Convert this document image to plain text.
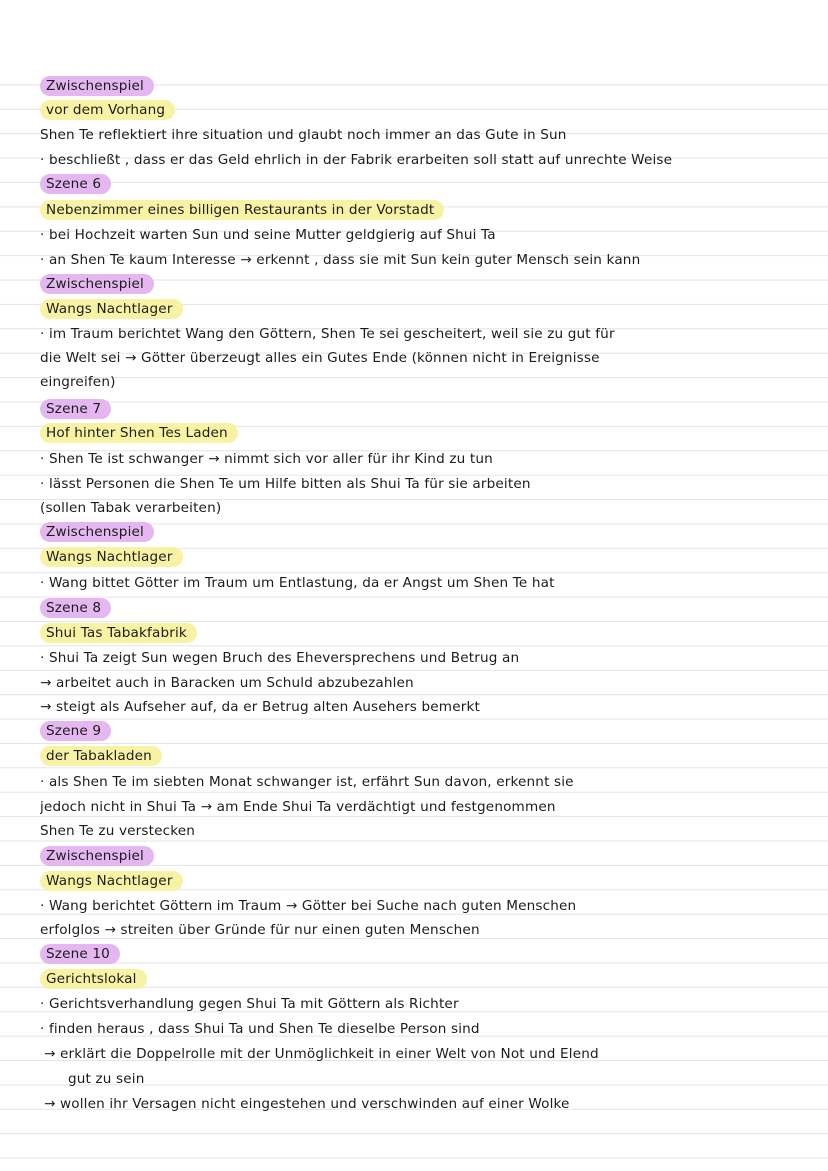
Zwischenspiel
vor dem Vorhang
Shen Te reflektiert ihre situation und glaubt noch immer an das Gute in Sun
· beschließt , dass er das Geld ehrlich in der Fabrik erarbeiten soll statt auf unrechte Weise
Szene 6
Nebenzimmer eines billigen Restaurants in der Vorstadt
· bei Hochzeit warten Sun und seine Mutter geldgierig auf Shui Ta
· an Shen Te kaum Interesse → erkennt , dass sie mit Sun kein guter Mensch sein kann
Zwischenspiel
Wangs Nachtlager
· im Traum berichtet Wang den Göttern, Shen Te sei gescheitert, weil sie zu gut für
die Welt sei → Götter überzeugt alles ein Gutes Ende (können nicht in Ereignisse
eingreifen)
Szene 7
Hof hinter Shen Tes Laden
· Shen Te ist schwanger → nimmt sich vor aller für ihr Kind zu tun
· lässt Personen die Shen Te um Hilfe bitten als Shui Ta für sie arbeiten
(sollen Tabak verarbeiten)
Zwischenspiel
Wangs Nachtlager
· Wang bittet Götter im Traum um Entlastung, da er Angst um Shen Te hat
Szene 8
Shui Tas Tabakfabrik
· Shui Ta zeigt Sun wegen Bruch des Eheversprechens und Betrug an
→ arbeitet auch in Baracken um Schuld abzubezahlen
→ steigt als Aufseher auf, da er Betrug alten Ausehers bemerkt
Szene 9
der Tabakladen
· als Shen Te im siebten Monat schwanger ist, erfährt Sun davon, erkennt sie
jedoch nicht in Shui Ta → am Ende Shui Ta verdächtigt und festgenommen
Shen Te zu verstecken
Zwischenspiel
Wangs Nachtlager
· Wang berichtet Göttern im Traum → Götter bei Suche nach guten Menschen
erfolglos → streiten über Gründe für nur einen guten Menschen
Szene 10
Gerichtslokal
· Gerichtsverhandlung gegen Shui Ta mit Göttern als Richter
· finden heraus , dass Shui Ta und Shen Te dieselbe Person sind
→ erklärt die Doppelrolle mit der Unmöglichkeit in einer Welt von Not und Elend
gut zu sein
→ wollen ihr Versagen nicht eingestehen und verschwinden auf einer Wolke
